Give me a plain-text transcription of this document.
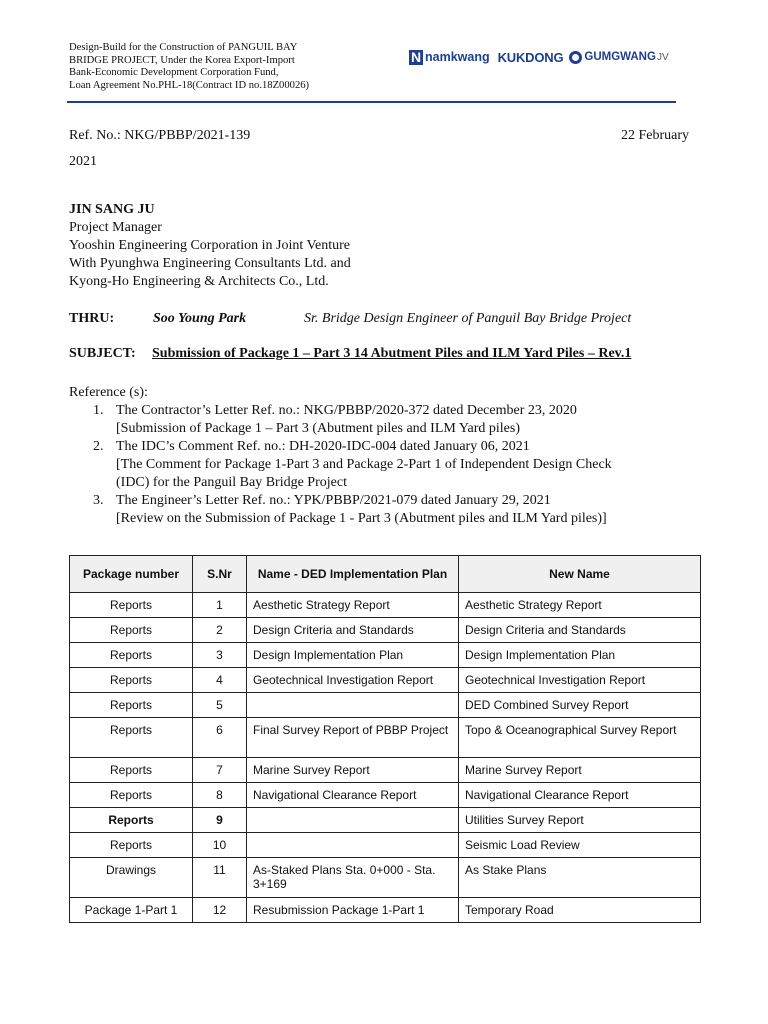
Design-Build for the Construction of PANGUIL BAY
BRIDGE PROJECT, Under the Korea Export-Import
Bank-Economic Development Corporation Fund,
Loan Agreement No.PHL-18(Contract ID no.18Z00026)
N namkwang KUKDONG GUMGWANG JV
Ref. No.: NKG/PBBP/2021-139	22 February
2021
JIN SANG JU
Project Manager
Yooshin Engineering Corporation in Joint Venture
With Pyunghwa Engineering Consultants Ltd. and
Kyong-Ho Engineering & Architects Co., Ltd.
THRU:	Soo Young Park	Sr. Bridge Design Engineer of Panguil Bay Bridge Project
SUBJECT: Submission of Package 1 – Part 3 14 Abutment Piles and ILM Yard Piles – Rev.1
Reference (s):
1. The Contractor’s Letter Ref. no.: NKG/PBBP/2020-372 dated December 23, 2020
[Submission of Package 1 – Part 3 (Abutment piles and ILM Yard piles)
2. The IDC’s Comment Ref. no.: DH-2020-IDC-004 dated January 06, 2021
[The Comment for Package 1-Part 3 and Package 2-Part 1 of Independent Design Check
(IDC) for the Panguil Bay Bridge Project
3. The Engineer’s Letter Ref. no.: YPK/PBBP/2021-079 dated January 29, 2021
[Review on the Submission of Package 1 - Part 3 (Abutment piles and ILM Yard piles)]
Package number	S.Nr	Name - DED Implementation Plan	New Name
Reports	1	Aesthetic Strategy Report	Aesthetic Strategy Report
Reports	2	Design Criteria and Standards	Design Criteria and Standards
Reports	3	Design Implementation Plan	Design Implementation Plan
Reports	4	Geotechnical Investigation Report	Geotechnical Investigation Report
Reports	5		DED Combined Survey Report
Reports	6	Final Survey Report of PBBP Project	Topo & Oceanographical Survey Report
Reports	7	Marine Survey Report	Marine Survey Report
Reports	8	Navigational Clearance Report	Navigational Clearance Report
Reports	9		Utilities Survey Report
Reports	10		Seismic Load Review
Drawings	11	As-Staked Plans Sta. 0+000 - Sta. 3+169	As Stake Plans
Package 1-Part 1	12	Resubmission Package 1-Part 1	Temporary Road
